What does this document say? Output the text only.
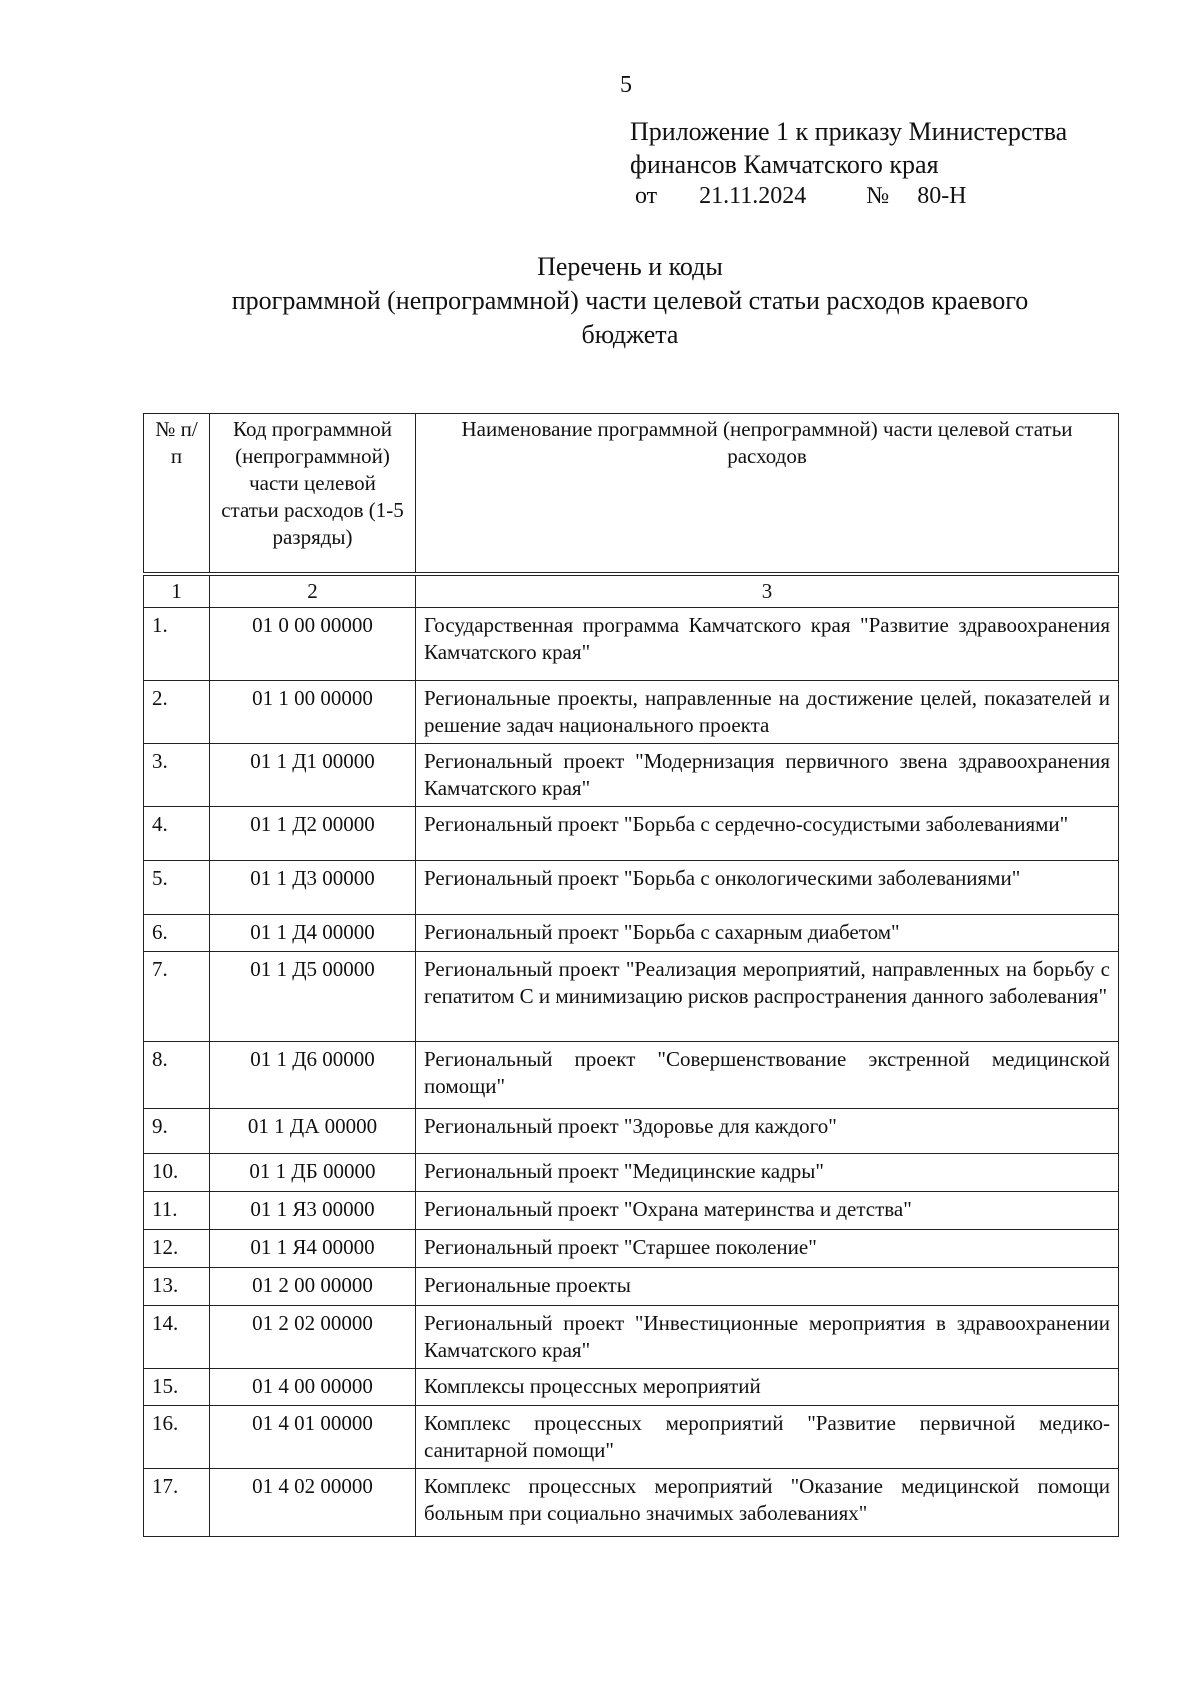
5
Приложение 1 к приказу Министерства
финансов Камчатского края
от 21.11.2024	№ 80-Н
Перечень и коды
программной (непрограммной) части целевой статьи расходов краевого бюджета
№ п/п	Код программной (непрограммной) части целевой статьи расходов (1-5 разряды)	Наименование программной (непрограммной) части целевой статьи расходов
1	2	3
1.	01 0 00 00000	Государственная программа Камчатского края "Развитие здравоохранения Камчатского края"
2.	01 1 00 00000	Региональные проекты, направленные на достижение целей, показателей и решение задач национального проекта
3.	01 1 Д1 00000	Региональный проект "Модернизация первичного звена здравоохранения Камчатского края"
4.	01 1 Д2 00000	Региональный проект "Борьба с сердечно-сосудистыми заболеваниями"
5.	01 1 Д3 00000	Региональный проект "Борьба с онкологическими заболеваниями"
6.	01 1 Д4 00000	Региональный проект "Борьба с сахарным диабетом"
7.	01 1 Д5 00000	Региональный проект "Реализация мероприятий, направленных на борьбу с гепатитом С и минимизацию рисков распространения данного заболевания"
8.	01 1 Д6 00000	Региональный проект "Совершенствование экстренной медицинской помощи"
9.	01 1 ДА 00000	Региональный проект "Здоровье для каждого"
10.	01 1 ДБ 00000	Региональный проект "Медицинские кадры"
11.	01 1 Я3 00000	Региональный проект "Охрана материнства и детства"
12.	01 1 Я4 00000	Региональный проект "Старшее поколение"
13.	01 2 00 00000	Региональные проекты
14.	01 2 02 00000	Региональный проект "Инвестиционные мероприятия в здравоохранении Камчатского края"
15.	01 4 00 00000	Комплексы процессных мероприятий
16.	01 4 01 00000	Комплекс процессных мероприятий "Развитие первичной медико-санитарной помощи"
17.	01 4 02 00000	Комплекс процессных мероприятий "Оказание медицинской помощи больным при социально значимых заболеваниях"
